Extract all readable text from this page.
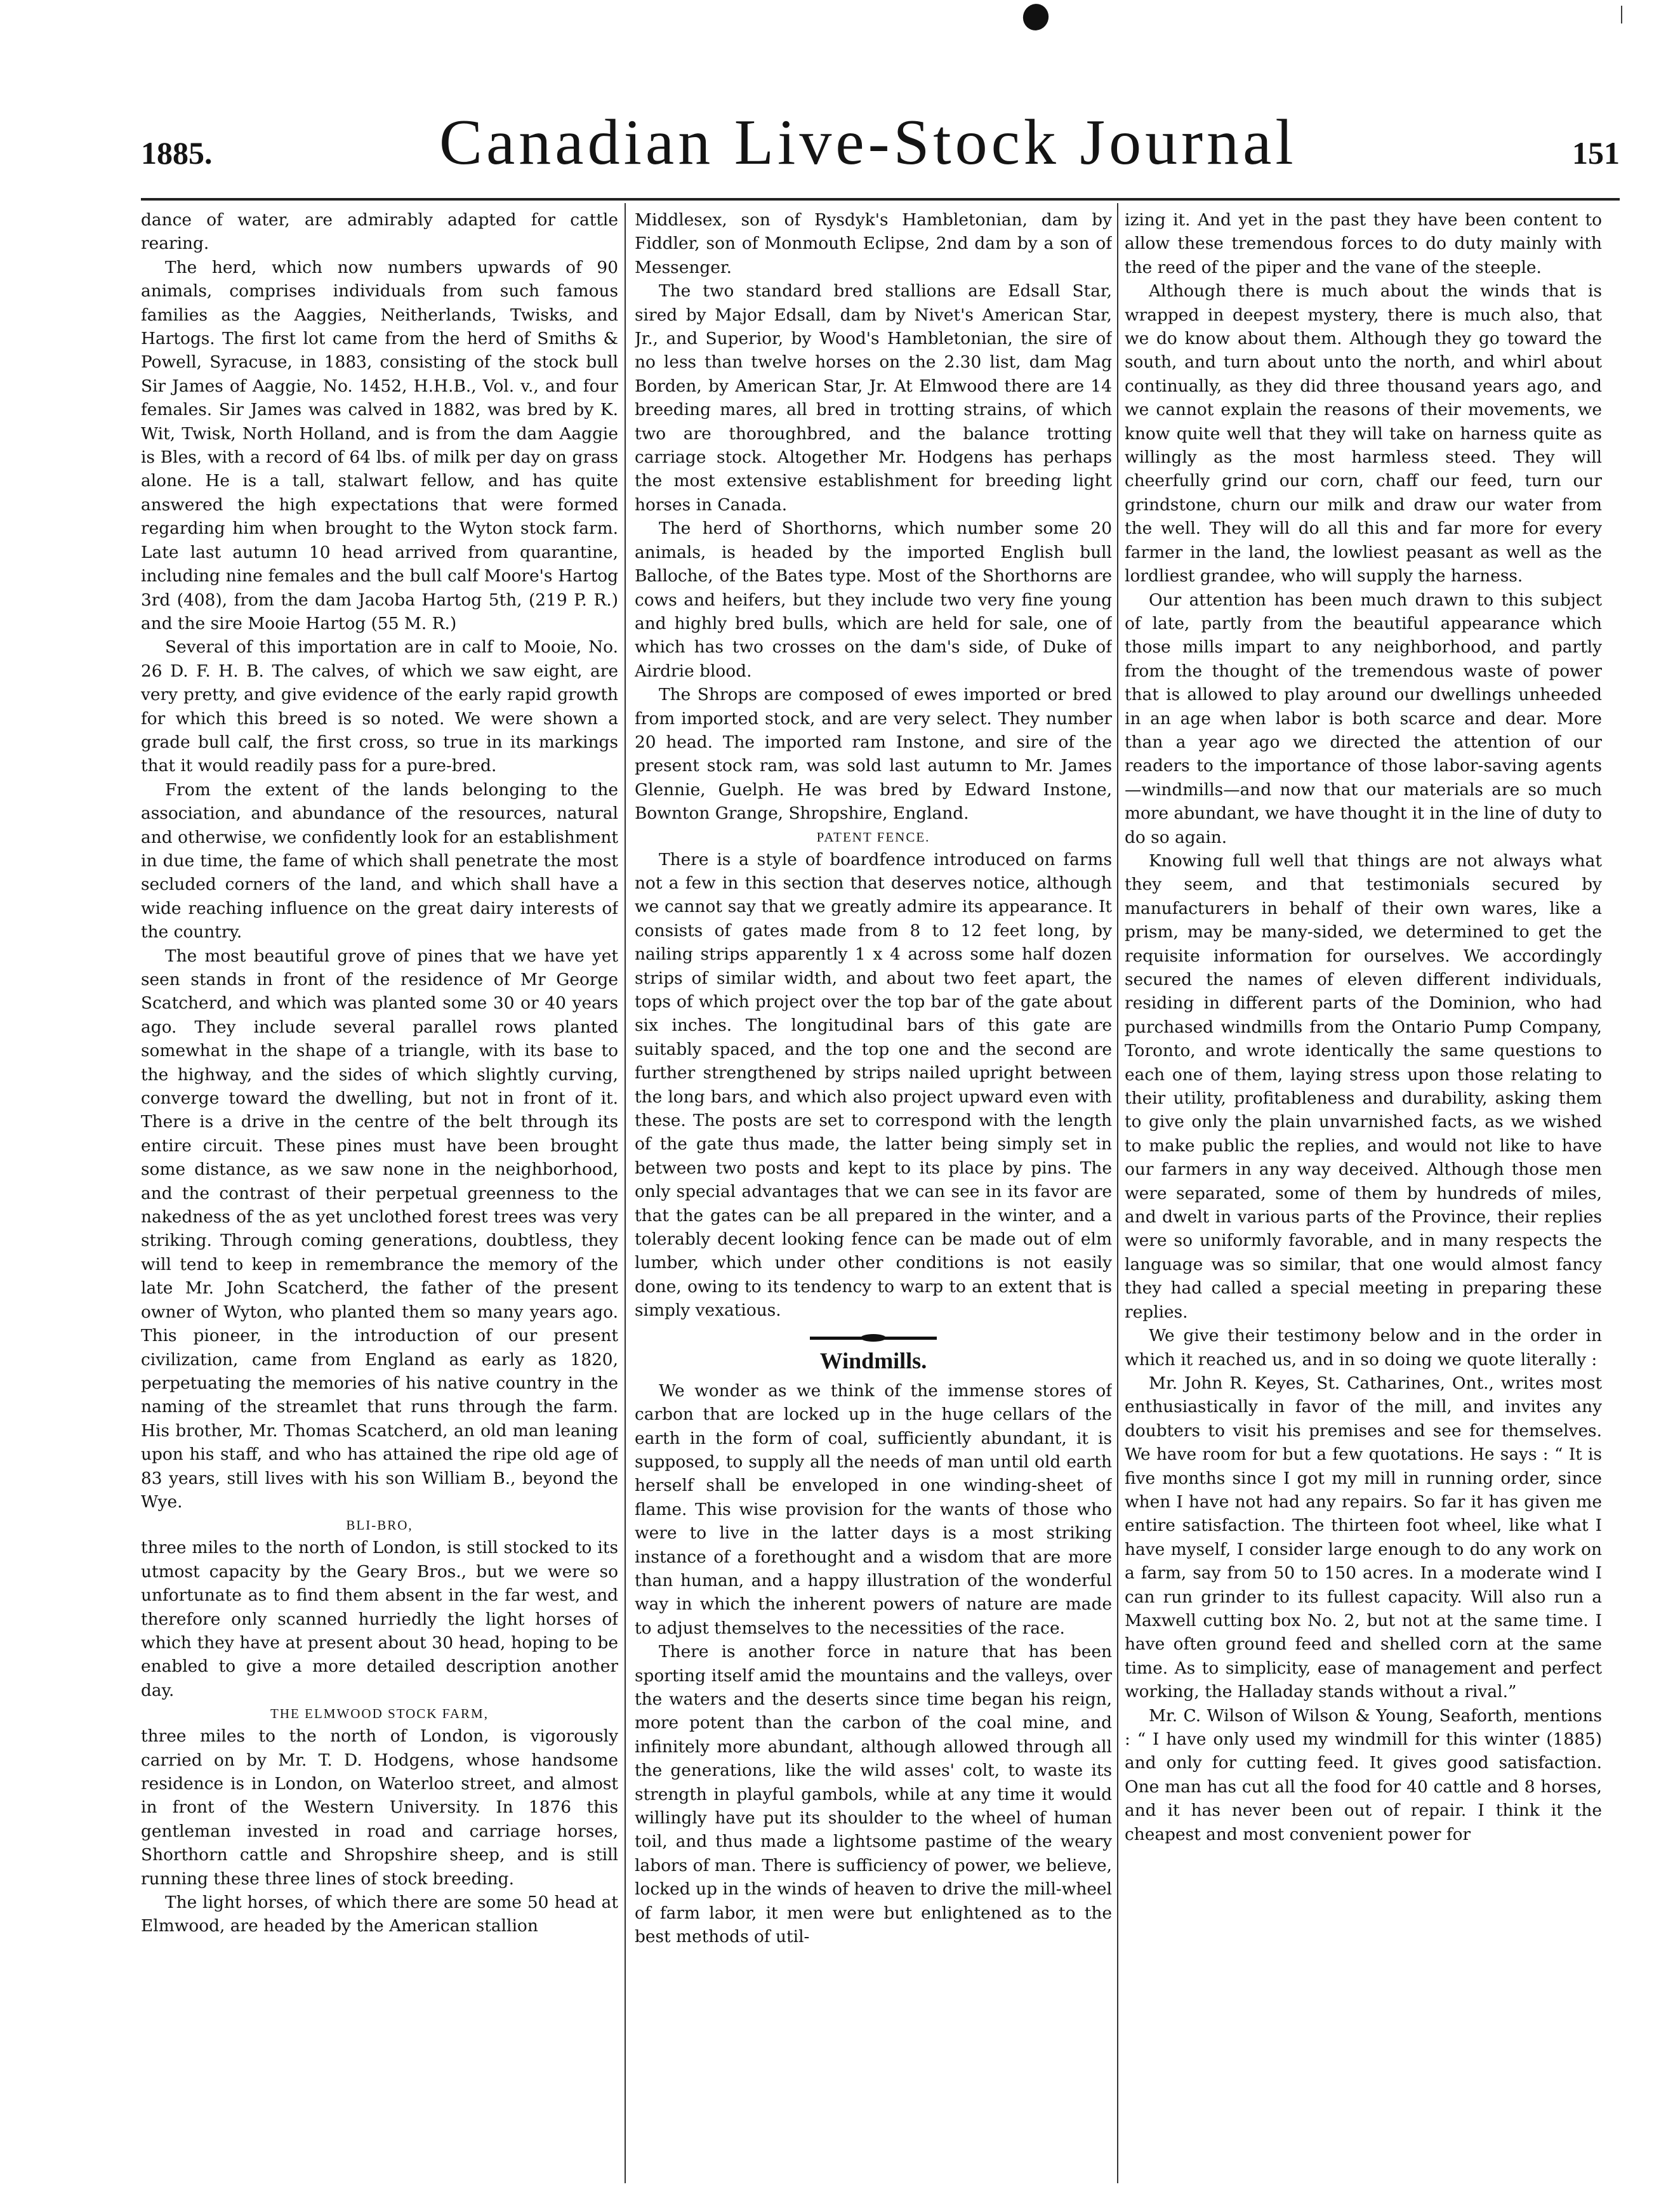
ǀ
1885.	Canadian Live-Stock Journal	151

dance of water, are admirably adapted for cattle rearing.

The herd, which now numbers upwards of 90 animals, comprises individuals from such famous families as the Aaggies, Neitherlands, Twisks, and Hartogs. The first lot came from the herd of Smiths & Powell, Syracuse, in 1883, consisting of the stock bull Sir James of Aaggie, No. 1452, H.H.B., Vol. v., and four females. Sir James was calved in 1882, was bred by K. Wit, Twisk, North Holland, and is from the dam Aaggie is Bles, with a record of 64 lbs. of milk per day on grass alone. He is a tall, stalwart fellow, and has quite answered the high expectations that were formed regarding him when brought to the Wyton stock farm. Late last autumn 10 head arrived from quarantine, including nine females and the bull calf Moore's Hartog 3rd (408), from the dam Jacoba Hartog 5th, (219 P. R.) and the sire Mooie Hartog (55 M. R.)

Several of this importation are in calf to Mooie, No. 26 D. F. H. B. The calves, of which we saw eight, are very pretty, and give evidence of the early rapid growth for which this breed is so noted. We were shown a grade bull calf, the first cross, so true in its markings that it would readily pass for a pure-bred.

From the extent of the lands belonging to the association, and abundance of the resources, natural and otherwise, we confidently look for an establishment in due time, the fame of which shall penetrate the most secluded corners of the land, and which shall have a wide reaching influence on the great dairy interests of the country.

The most beautiful grove of pines that we have yet seen stands in front of the residence of Mr George Scatcherd, and which was planted some 30 or 40 years ago. They include several parallel rows planted somewhat in the shape of a triangle, with its base to the highway, and the sides of which slightly curving, converge toward the dwelling, but not in front of it. There is a drive in the centre of the belt through its entire circuit. These pines must have been brought some distance, as we saw none in the neighborhood, and the contrast of their perpetual greenness to the nakedness of the as yet unclothed forest trees was very striking. Through coming generations, doubtless, they will tend to keep in remembrance the memory of the late Mr. John Scatcherd, the father of the present owner of Wyton, who planted them so many years ago. This pioneer, in the introduction of our present civilization, came from England as early as 1820, perpetuating the memories of his native country in the naming of the streamlet that runs through the farm. His brother, Mr. Thomas Scatcherd, an old man leaning upon his staff, and who has attained the ripe old age of 83 years, still lives with his son William B., beyond the Wye.

BLI-BRO,

three miles to the north of London, is still stocked to its utmost capacity by the Geary Bros., but we were so unfortunate as to find them absent in the far west, and therefore only scanned hurriedly the light horses of which they have at present about 30 head, hoping to be enabled to give a more detailed description another day.

THE ELMWOOD STOCK FARM,

three miles to the north of London, is vigorously carried on by Mr. T. D. Hodgens, whose handsome residence is in London, on Waterloo street, and almost in front of the Western University. In 1876 this gentleman invested in road and carriage horses, Shorthorn cattle and Shropshire sheep, and is still running these three lines of stock breeding.

The light horses, of which there are some 50 head at Elmwood, are headed by the American stallion

Middlesex, son of Rysdyk's Hambletonian, dam by Fiddler, son of Monmouth Eclipse, 2nd dam by a son of Messenger.

The two standard bred stallions are Edsall Star, sired by Major Edsall, dam by Nivet's American Star, Jr., and Superior, by Wood's Hambletonian, the sire of no less than twelve horses on the 2.30 list, dam Mag Borden, by American Star, Jr. At Elmwood there are 14 breeding mares, all bred in trotting strains, of which two are thoroughbred, and the balance trotting carriage stock. Altogether Mr. Hodgens has perhaps the most extensive establishment for breeding light horses in Canada.

The herd of Shorthorns, which number some 20 animals, is headed by the imported English bull Balloche, of the Bates type. Most of the Shorthorns are cows and heifers, but they include two very fine young and highly bred bulls, which are held for sale, one of which has two crosses on the dam's side, of Duke of Airdrie blood.

The Shrops are composed of ewes imported or bred from imported stock, and are very select. They number 20 head. The imported ram Instone, and sire of the present stock ram, was sold last autumn to Mr. James Glennie, Guelph. He was bred by Edward Instone, Bownton Grange, Shropshire, England.

PATENT FENCE.

There is a style of boardfence introduced on farms not a few in this section that deserves notice, although we cannot say that we greatly admire its appearance. It consists of gates made from 8 to 12 feet long, by nailing strips apparently 1 x 4 across some half dozen strips of similar width, and about two feet apart, the tops of which project over the top bar of the gate about six inches. The longitudinal bars of this gate are suitably spaced, and the top one and the second are further strengthened by strips nailed upright between the long bars, and which also project upward even with these. The posts are set to correspond with the length of the gate thus made, the latter being simply set in between two posts and kept to its place by pins. The only special advantages that we can see in its favor are that the gates can be all prepared in the winter, and a tolerably decent looking fence can be made out of elm lumber, which under other conditions is not easily done, owing to its tendency to warp to an extent that is simply vexatious.

Windmills.

We wonder as we think of the immense stores of carbon that are locked up in the huge cellars of the earth in the form of coal, sufficiently abundant, it is supposed, to supply all the needs of man until old earth herself shall be enveloped in one winding-sheet of flame. This wise provision for the wants of those who were to live in the latter days is a most striking instance of a forethought and a wisdom that are more than human, and a happy illustration of the wonderful way in which the inherent powers of nature are made to adjust themselves to the necessities of the race.

There is another force in nature that has been sporting itself amid the mountains and the valleys, over the waters and the deserts since time began his reign, more potent than the carbon of the coal mine, and infinitely more abundant, although allowed through all the generations, like the wild asses' colt, to waste its strength in playful gambols, while at any time it would willingly have put its shoulder to the wheel of human toil, and thus made a lightsome pastime of the weary labors of man. There is sufficiency of power, we believe, locked up in the winds of heaven to drive the mill-wheel of farm labor, it men were but enlightened as to the best methods of util-

izing it. And yet in the past they have been content to allow these tremendous forces to do duty mainly with the reed of the piper and the vane of the steeple.

Although there is much about the winds that is wrapped in deepest mystery, there is much also, that we do know about them. Although they go toward the south, and turn about unto the north, and whirl about continually, as they did three thousand years ago, and we cannot explain the reasons of their movements, we know quite well that they will take on harness quite as willingly as the most harmless steed. They will cheerfully grind our corn, chaff our feed, turn our grindstone, churn our milk and draw our water from the well. They will do all this and far more for every farmer in the land, the lowliest peasant as well as the lordliest grandee, who will supply the harness.

Our attention has been much drawn to this subject of late, partly from the beautiful appearance which those mills impart to any neighborhood, and partly from the thought of the tremendous waste of power that is allowed to play around our dwellings unheeded in an age when labor is both scarce and dear. More than a year ago we directed the attention of our readers to the importance of those labor-saving agents—windmills—and now that our materials are so much more abundant, we have thought it in the line of duty to do so again.

Knowing full well that things are not always what they seem, and that testimonials secured by manufacturers in behalf of their own wares, like a prism, may be many-sided, we determined to get the requisite information for ourselves. We accordingly secured the names of eleven different individuals, residing in different parts of the Dominion, who had purchased windmills from the Ontario Pump Company, Toronto, and wrote identically the same questions to each one of them, laying stress upon those relating to their utility, profitableness and durability, asking them to give only the plain unvarnished facts, as we wished to make public the replies, and would not like to have our farmers in any way deceived. Although those men were separated, some of them by hundreds of miles, and dwelt in various parts of the Province, their replies were so uniformly favorable, and in many respects the language was so similar, that one would almost fancy they had called a special meeting in preparing these replies.

We give their testimony below and in the order in which it reached us, and in so doing we quote literally :

Mr. John R. Keyes, St. Catharines, Ont., writes most enthusiastically in favor of the mill, and invites any doubters to visit his premises and see for themselves. We have room for but a few quotations. He says : “ It is five months since I got my mill in running order, since when I have not had any repairs. So far it has given me entire satisfaction. The thirteen foot wheel, like what I have myself, I consider large enough to do any work on a farm, say from 50 to 150 acres. In a moderate wind I can run grinder to its fullest capacity. Will also run a Maxwell cutting box No. 2, but not at the same time. I have often ground feed and shelled corn at the same time. As to simplicity, ease of management and perfect working, the Halladay stands without a rival.”

Mr. C. Wilson of Wilson & Young, Seaforth, mentions : “ I have only used my windmill for this winter (1885) and only for cutting feed. It gives good satisfaction. One man has cut all the food for 40 cattle and 8 horses, and it has never been out of repair. I think it the cheapest and most convenient power for
